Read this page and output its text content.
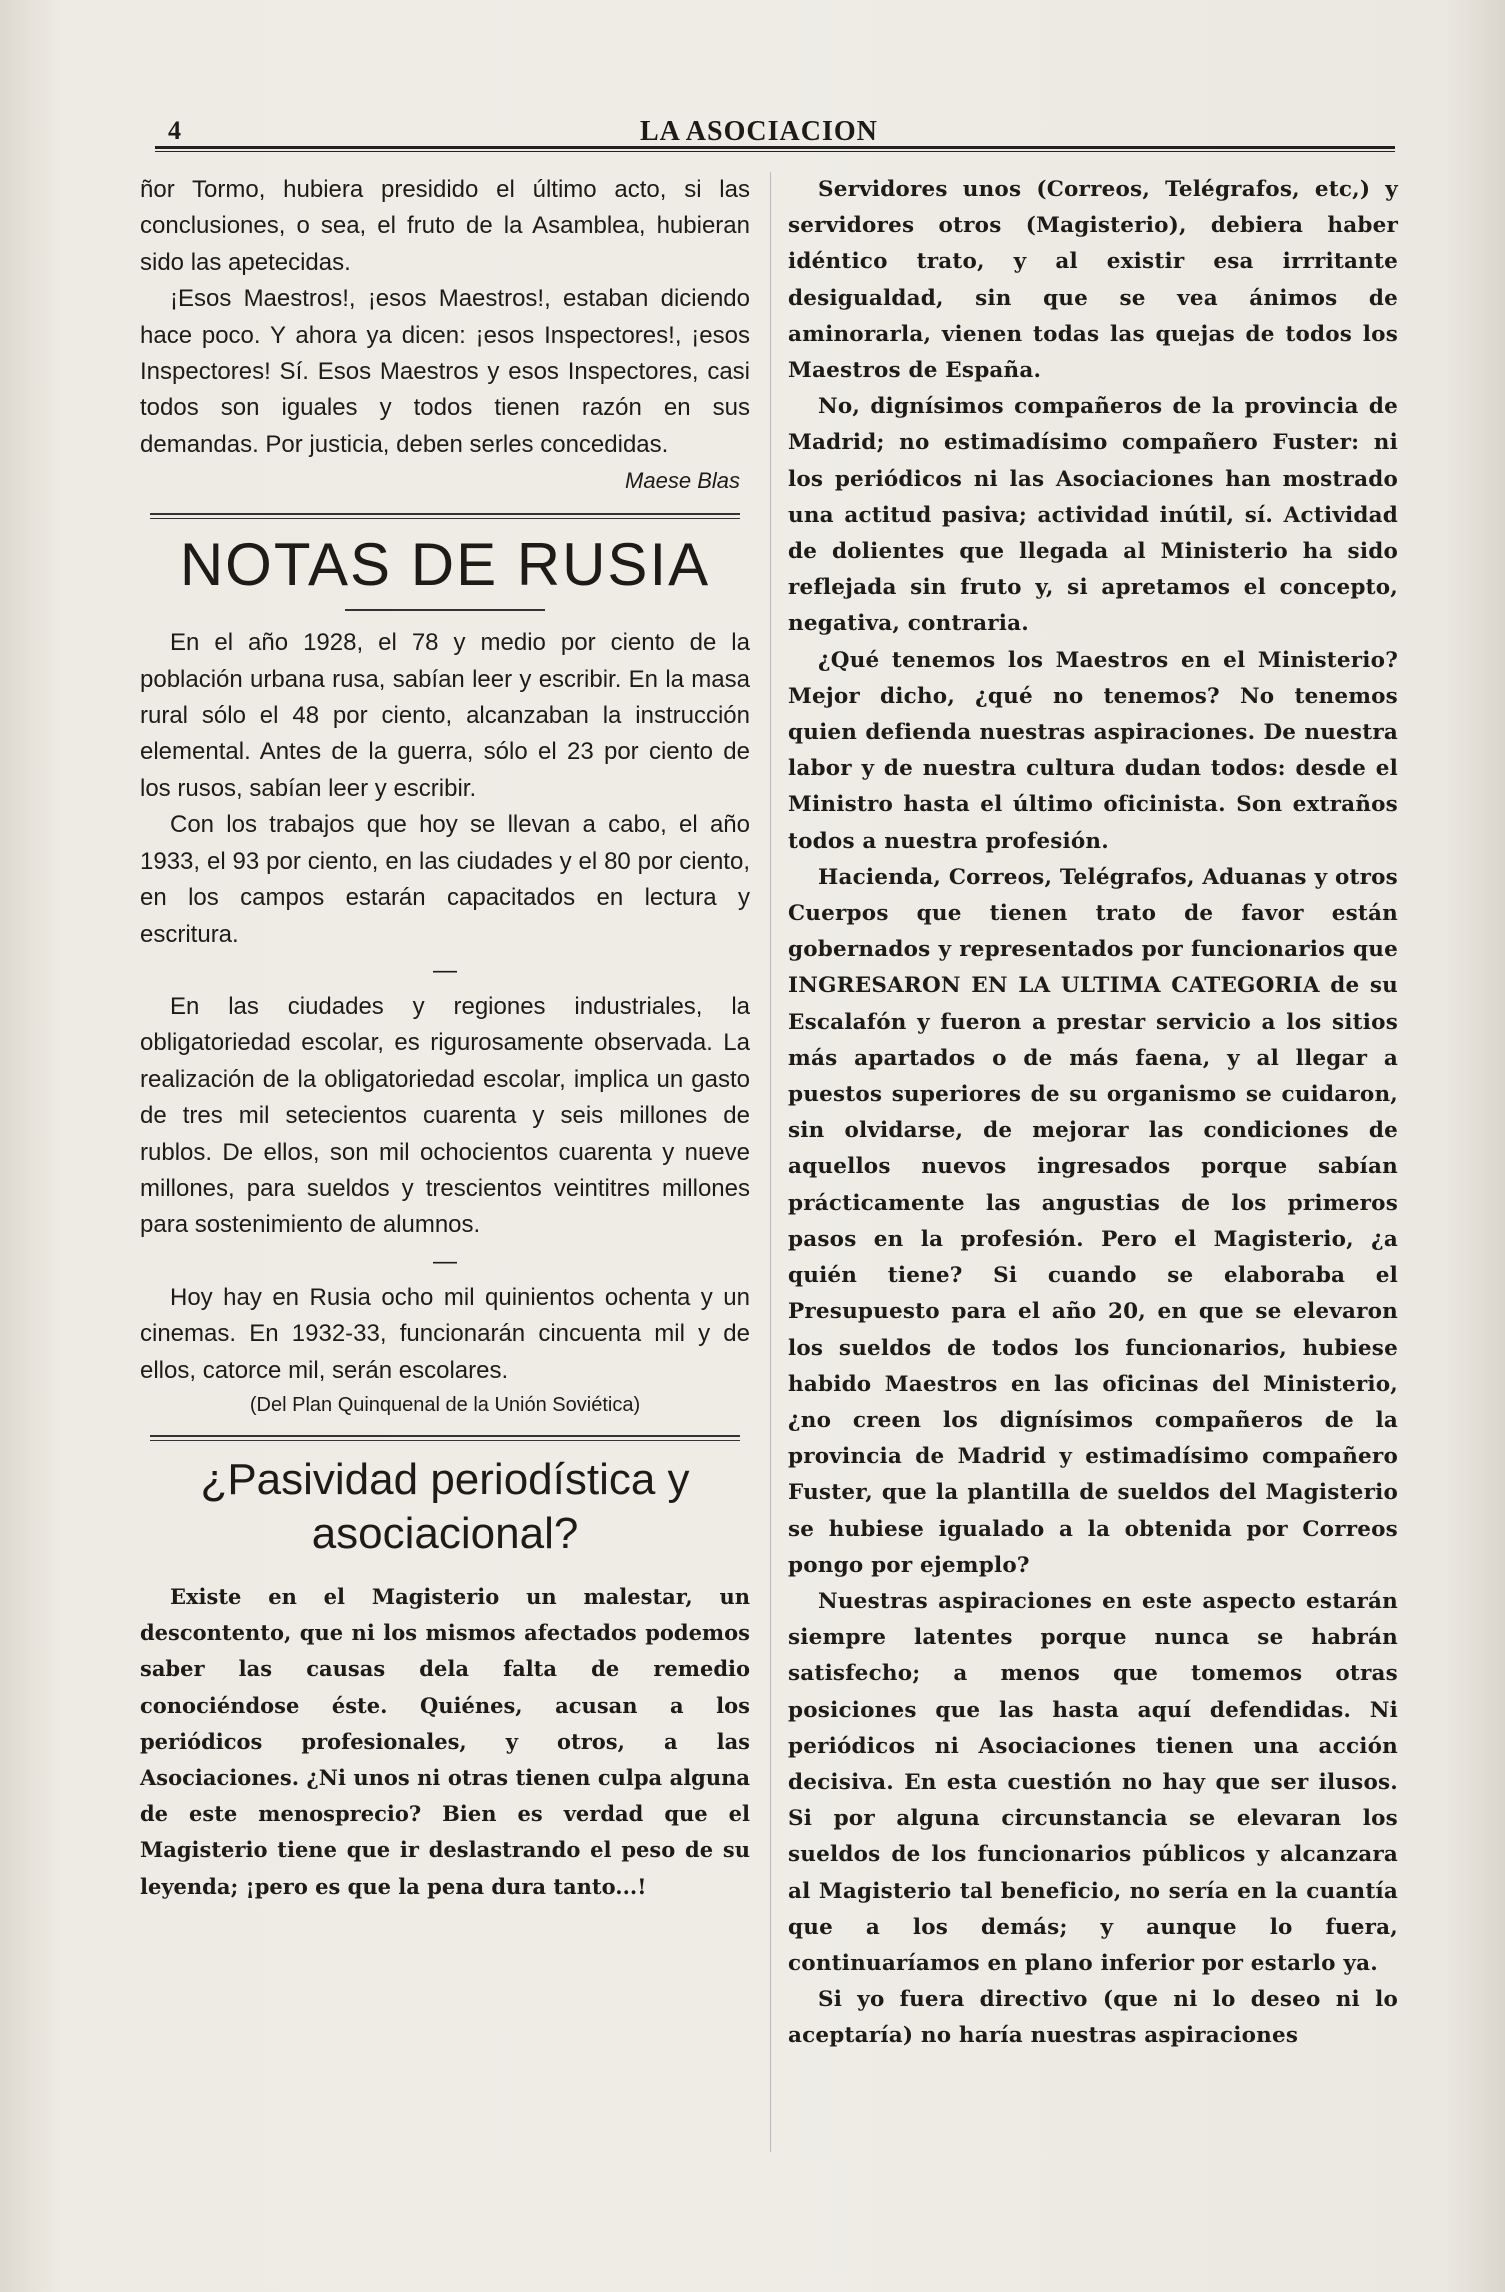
4	LA ASOCIACION

ñor Tormo, hubiera presidido el último acto, si las conclusiones, o sea, el fruto de la Asamblea, hubieran sido las apetecidas.

¡Esos Maestros!, ¡esos Maestros!, estaban diciendo hace poco. Y ahora ya dicen: ¡esos Inspectores!, ¡esos Inspectores! Sí. Esos Maestros y esos Inspectores, casi todos son iguales y todos tienen razón en sus demandas. Por justicia, deben serles concedidas.

Maese Blas
NOTAS DE RUSIA

En el año 1928, el 78 y medio por ciento de la población urbana rusa, sabían leer y escribir. En la masa rural sólo el 48 por ciento, alcanzaban la instrucción elemental. Antes de la guerra, sólo el 23 por ciento de los rusos, sabían leer y escribir.

Con los trabajos que hoy se llevan a cabo, el año 1933, el 93 por ciento, en las ciudades y el 80 por ciento, en los campos estarán capacitados en lectura y escritura.

—

En las ciudades y regiones industriales, la obligatoriedad escolar, es rigurosamente observada. La realización de la obligatoriedad escolar, implica un gasto de tres mil setecientos cuarenta y seis millones de rublos. De ellos, son mil ochocientos cuarenta y nueve millones, para sueldos y trescientos veintitres millones para sostenimiento de alumnos.

—

Hoy hay en Rusia ocho mil quinientos ochenta y un cinemas. En 1932-33, funcionarán cincuenta mil y de ellos, catorce mil, serán escolares.

(Del Plan Quinquenal de la Unión Soviética)
¿Pasividad periodística y asociacional?

Existe en el Magisterio un malestar, un descontento, que ni los mismos afectados podemos saber las causas dela falta de remedio conociéndose éste. Quiénes, acusan a los periódicos profesionales, y otros, a las Asociaciones. ¿Ni unos ni otras tienen culpa alguna de este menosprecio? Bien es verdad que el Magisterio tiene que ir deslastrando el peso de su leyenda; ¡pero es que la pena dura tanto...!

Servidores unos (Correos, Telégrafos, etc,) y servidores otros (Magisterio), debiera haber idéntico trato, y al existir esa irrritante desigualdad, sin que se vea ánimos de aminorarla, vienen todas las quejas de todos los Maestros de España.

No, dignísimos compañeros de la provincia de Madrid; no estimadísimo compañero Fuster: ni los periódicos ni las Asociaciones han mostrado una actitud pasiva; actividad inútil, sí. Actividad de dolientes que llegada al Ministerio ha sido reflejada sin fruto y, si apretamos el concepto, negativa, contraria.

¿Qué tenemos los Maestros en el Ministerio? Mejor dicho, ¿qué no tenemos? No tenemos quien defienda nuestras aspiraciones. De nuestra labor y de nuestra cultura dudan todos: desde el Ministro hasta el último oficinista. Son extraños todos a nuestra profesión.

Hacienda, Correos, Telégrafos, Aduanas y otros Cuerpos que tienen trato de favor están gobernados y representados por funcionarios que INGRESARON EN LA ULTIMA CATEGORIA de su Escalafón y fueron a prestar servicio a los sitios más apartados o de más faena, y al llegar a puestos superiores de su organismo se cuidaron, sin olvidarse, de mejorar las condiciones de aquellos nuevos ingresados porque sabían prácticamente las angustias de los primeros pasos en la profesión. Pero el Magisterio, ¿a quién tiene? Si cuando se elaboraba el Presupuesto para el año 20, en que se elevaron los sueldos de todos los funcionarios, hubiese habido Maestros en las oficinas del Ministerio, ¿no creen los dignísimos compañeros de la provincia de Madrid y estimadísimo compañero Fuster, que la plantilla de sueldos del Magisterio se hubiese igualado a la obtenida por Correos pongo por ejemplo?

Nuestras aspiraciones en este aspecto estarán siempre latentes porque nunca se habrán satisfecho; a menos que tomemos otras posiciones que las hasta aquí defendidas. Ni periódicos ni Asociaciones tienen una acción decisiva. En esta cuestión no hay que ser ilusos. Si por alguna circunstancia se elevaran los sueldos de los funcionarios públicos y alcanzara al Magisterio tal beneficio, no sería en la cuantía que a los demás; y aunque lo fuera, continuaríamos en plano inferior por estarlo ya.

Si yo fuera directivo (que ni lo deseo ni lo aceptaría) no haría nuestras aspiraciones
